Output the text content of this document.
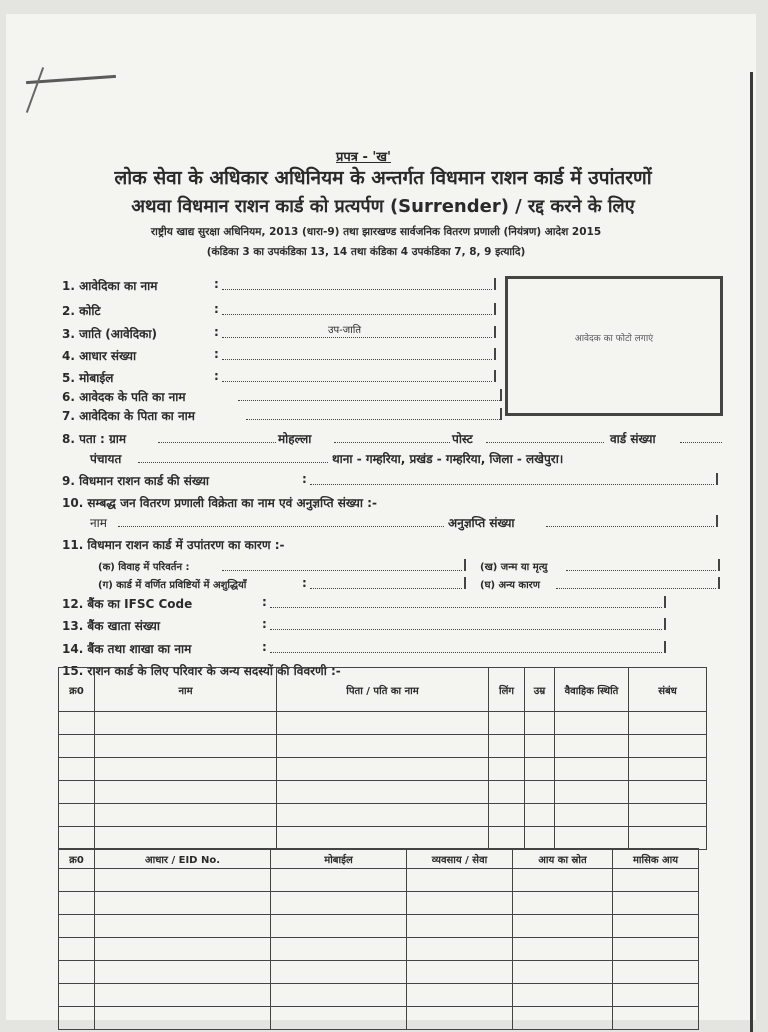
प्रपत्र - 'ख'
लोक सेवा के अधिकार अधिनियम के अन्तर्गत विधमान राशन कार्ड में उपांतरणों
अथवा विधमान राशन कार्ड को प्रत्यर्पण (Surrender) / रद्द करने के लिए
राष्ट्रीय खाद्य सुरक्षा अधिनियम, 2013 (धारा-9) तथा झारखण्ड सार्वजनिक वितरण प्रणाली (नियंत्रण) आदेश 2015
(कंडिका 3 का उपकंडिका 13, 14 तथा कंडिका 4 उपकंडिका 7, 8, 9 इत्यादि)
आवेदक का फोटो लगाएं
1. आवेदिका का नाम	:
2. कोटि	:
3. जाति (आवेदिका)	:	उप-जाति
4. आधार संख्या	:
5. मोबाईल	:
6. आवेदक के पति का नाम
7. आवेदिका के पिता का नाम
8. पता : ग्राम	मोहल्ला	पोस्ट	वार्ड संख्या
पंचायत	थाना - गम्हरिया, प्रखंड - गम्हरिया, जिला - लखेपुरा।
9. विधमान राशन कार्ड की संख्या	:
10. सम्बद्ध जन वितरण प्रणाली विक्रेता का नाम एवं अनुज्ञप्ति संख्या :-
नाम	अनुज्ञप्ति संख्या
11. विधमान राशन कार्ड में उपांतरण का कारण :-
(क) विवाह में परिवर्तन :	(ख) जन्म या मृत्यु
(ग) कार्ड में वर्णित प्रविष्टियों में अशुद्धियाँ	:	(घ) अन्य कारण
12. बैंक का IFSC Code	:
13. बैंक खाता संख्या	:
14. बैंक तथा शाखा का नाम	:
15. राशन कार्ड के लिए परिवार के अन्य सदस्यों की विवरणी :-
क्र0	नाम	पिता / पति का नाम	लिंग	उम्र	वैवाहिक स्थिति	संबंध

क्र0	आधार / EID No.	मोबाईल	व्यवसाय / सेवा	आय का स्रोत	मासिक आय
